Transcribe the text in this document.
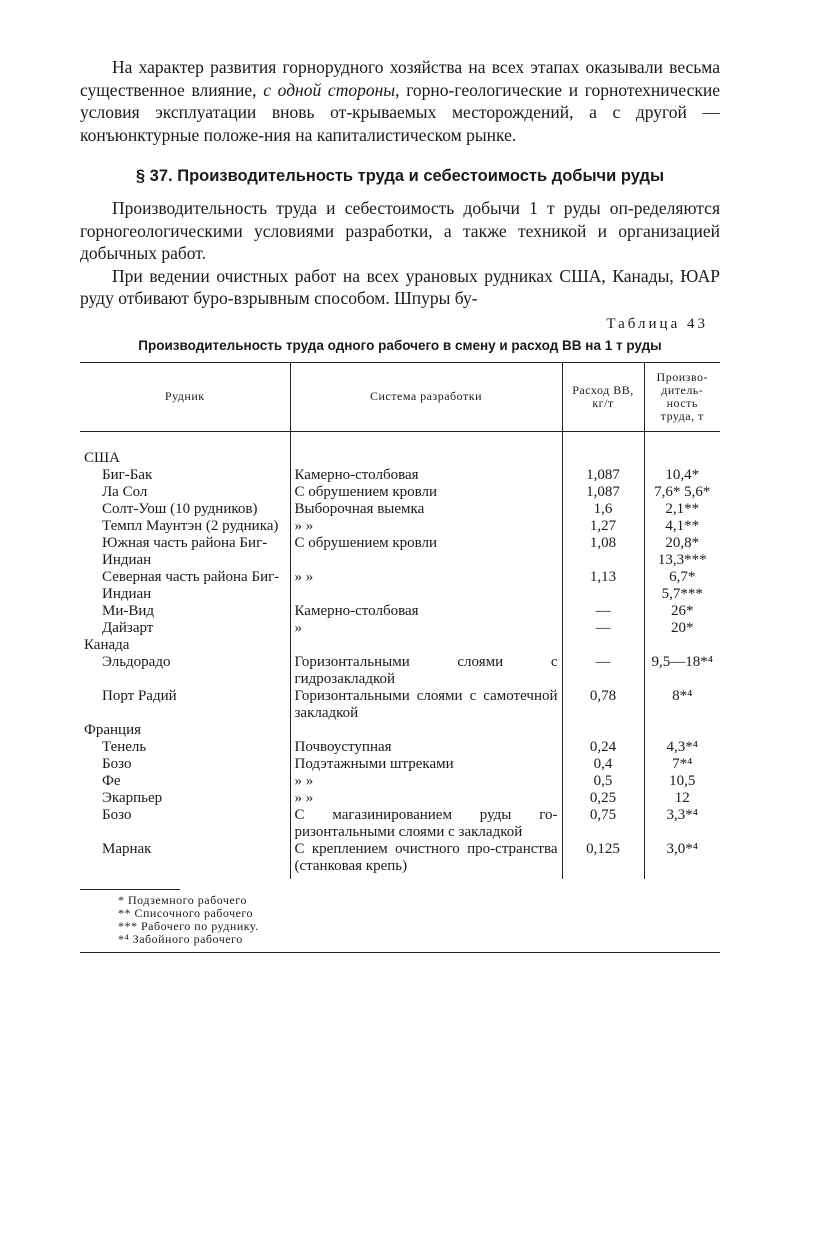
На характер развития горнорудного хозяйства на всех этапах оказывали весьма существенное влияние, с одной стороны, горно-геологические и горнотехнические условия эксплуатации вновь от-крываемых месторождений, а с другой — конъюнктурные положе-ния на капиталистическом рынке.

§ 37. Производительность труда и себестоимость добычи руды

Производительность труда и себестоимость добычи 1 т руды оп-ределяются горногеологическими условиями разработки, а также техникой и организацией добычных работ.

При ведении очистных работ на всех урановых рудниках США, Канады, ЮАР руду отбивают буро-взрывным способом. Шпуры бу-

Таблица 43
Производительность труда одного рабочего в смену и расход ВВ на 1 т руды
Рудник	Система разработки	Расход ВВ, кг/т	Произво-дитель-ность труда, т

США			

Биг-Бак	Камерно-столбовая	1,087	10,4*

Ла Сол	С обрушением кровли	1,087	7,6* 5,6*

Солт-Уош (10 рудников)	Выборочная выемка	1,6	2,1**

Темпл Маунтэн (2 рудника)	» »	1,27	4,1**

Южная часть района Биг-Индиан	С обрушением кровли	1,08	20,8* 13,3***

Северная часть района Биг-Индиан	» »	1,13	6,7* 5,7***

Ми-Вид	Камерно-столбовая	—	26*

Дайзарт	»	—	20*
Канада			

Эльдорадо	Горизонтальными слоями с гидрозакладкой	—	9,5—18*⁴

Порт Радий	Горизонтальными слоями с самотечной закладкой	0,78	8*⁴
Франция			

Тенель	Почвоуступная	0,24	4,3*⁴

Бозо	Подэтажными штреками	0,4	7*⁴

Фе	» »	0,5	10,5

Экарпьер	» »	0,25	12

Бозо	С магазинированием руды го-ризонтальными слоями с закладкой	0,75	3,3*⁴

Марнак	С креплением очистного про-странства (станковая крепь)	0,125	3,0*⁴
* Подземного рабочего
** Списочного рабочего
*** Рабочего по руднику.
*⁴ Забойного рабочего
